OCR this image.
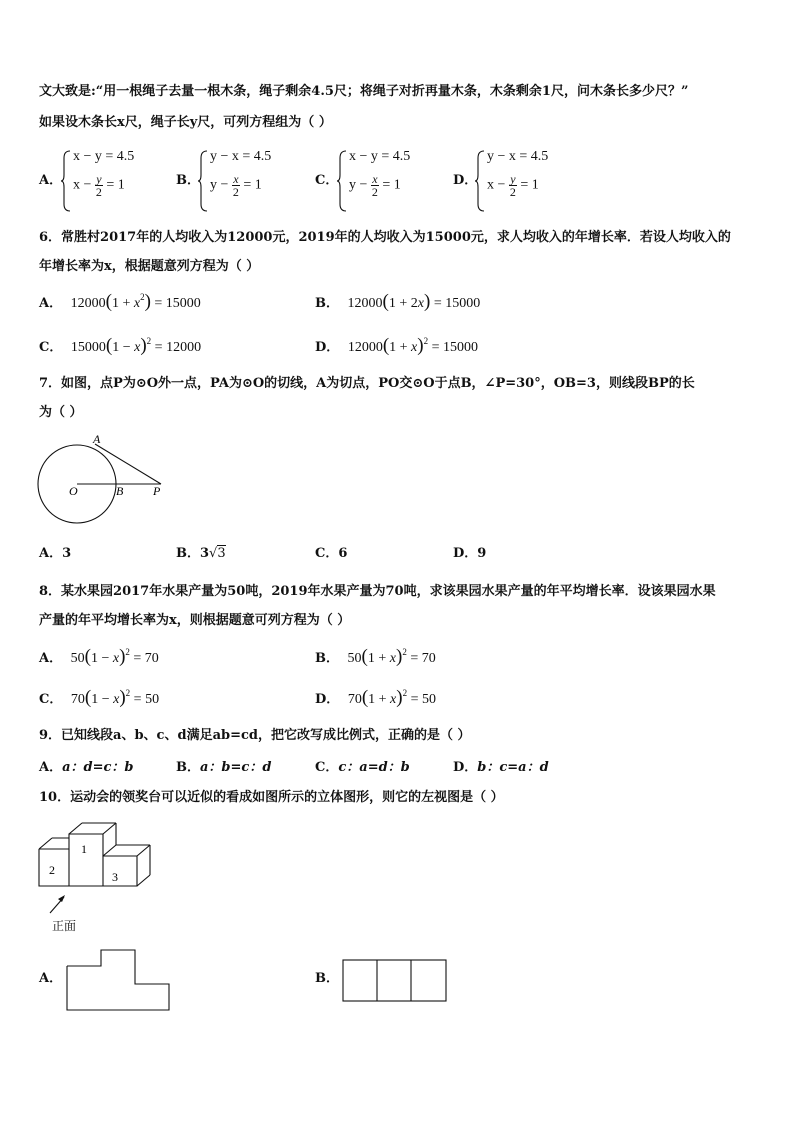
文大致是:“用一根绳子去量一根木条，绳子剩余4.5尺；将绳子对折再量木条，木条剩余1尺，问木条长多少尺？”
如果设木条长x尺，绳子长y尺，可列方程组为（ ）
A．
x − y = 4.5
$x - \frac{y}{2} = 1$	B．
y − x = 4.5
$y - \frac{x}{2} = 1$	C．
x − y = 4.5
$y - \frac{x}{2} = 1$	D．
y − x = 4.5
$x - \frac{y}{2} = 1$
6．常胜村2017年的人均收入为12000元，2019年的人均收入为15000元，求人均收入的年增长率．若设人均收入的
年增长率为x，根据题意列方程为（ ）
A． $12000(1 + x^2) = 15000$	B． 12000(1 + 2x) = 15000
C． $15000(1 - x)^2 = 12000$	D． $12000(1 + x)^2 = 15000$
7．如图，点P为⊙O外一点，PA为⊙O的切线，A为切点，PO交⊙O于点B，∠P=30°，OB=3，则线段BP的长
为（ ）
A
O	B P
A．3	B．3√3	C．6	D．9
8．某水果园2017年水果产量为50吨，2019年水果产量为70吨，求该果园水果产量的年平均增长率．设该果园水果
产量的年平均增长率为x，则根据题意可列方程为（ ）
A． $50(1 - x)^2 = 70$	B． $50(1 + x)^2 = 70$
C． $70(1 - x)^2 = 50$	D． $70(1 + x)^2 = 50$
9．已知线段a、b、c、d满足ab=cd，把它改写成比例式，正确的是（ ）
A．a：d=c：b	B．a：b=c：d	C．c：a=d：b	D．b：c=a：d
10．运动会的领奖台可以近似的看成如图所示的立体图形，则它的左视图是（ ）
1
2	3
正面
A．	B．
